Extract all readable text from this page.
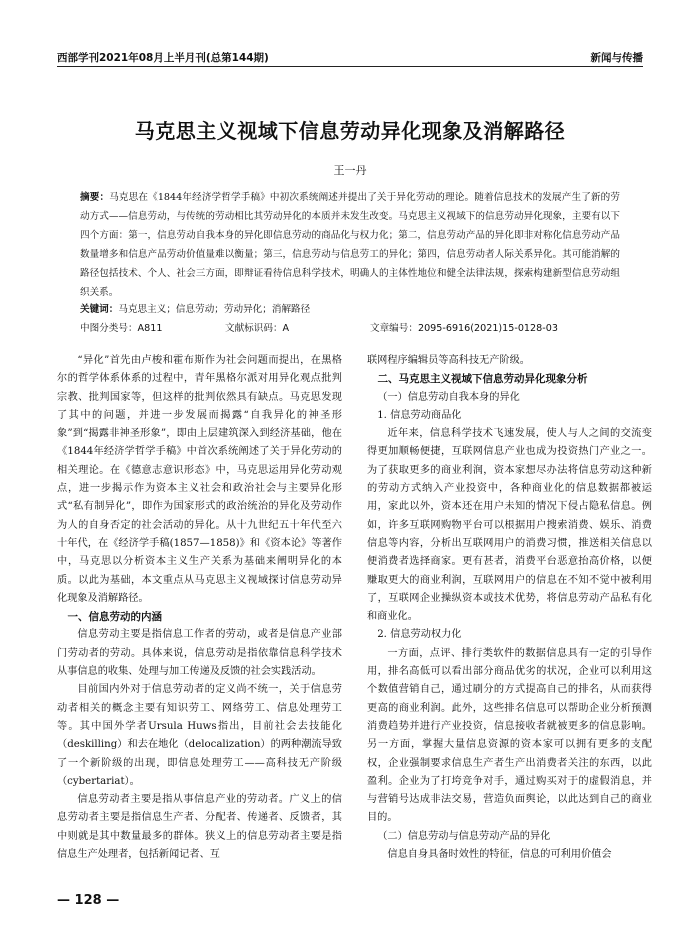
西部学刊2021年08月上半月刊(总第144期)	新闻与传播
马克思主义视域下信息劳动异化现象及消解路径
王一丹
摘要：马克思在《1844年经济学哲学手稿》中初次系统阐述并提出了关于异化劳动的理论。随着信息技术的发展产生了新的劳动方式——信息劳动，与传统的劳动相比其劳动异化的本质并未发生改变。马克思主义视域下的信息劳动异化现象，主要有以下四个方面：第一，信息劳动自我本身的异化即信息劳动的商品化与权力化；第二，信息劳动产品的异化即非对称化信息劳动产品数量增多和信息产品劳动价值量难以衡量；第三，信息劳动与信息劳工的异化；第四，信息劳动者人际关系异化。其可能消解的路径包括技术、个人、社会三方面，即辩证看待信息科学技术，明确人的主体性地位和健全法律法规，探索构建新型信息劳动组织关系。
关键词：马克思主义；信息劳动；劳动异化；消解路径
中图分类号：A811	文献标识码：A	文章编号：2095-6916(2021)15-0128-03

“异化”首先由卢梭和霍布斯作为社会问题而提出，在黑格尔的哲学体系体系的过程中，青年黑格尔派对用异化观点批判宗教、批判国家等，但这样的批判依然具有缺点。马克思发现了其中的问题，并进一步发展而揭露“自我异化的神圣形象”到“揭露非神圣形象”，即由上层建筑深入到经济基础，他在《1844年经济学哲学手稿》中首次系统阐述了关于异化劳动的相关理论。在《德意志意识形态》中，马克思运用异化劳动观点，进一步揭示作为资本主义社会和政治社会与主要异化形式“私有制异化”，即作为国家形式的政治统治的异化及劳动作为人的自身否定的社会活动的异化。从十九世纪五十年代至六十年代，在《经济学手稿(1857—1858)》和《资本论》等著作中，马克思以分析资本主义生产关系为基础来阐明异化的本质。以此为基础，本文重点从马克思主义视域探讨信息劳动异化现象及消解路径。

一、信息劳动的内涵

信息劳动主要是指信息工作者的劳动，或者是信息产业部门劳动者的劳动。具体来说，信息劳动是指依靠信息科学技术从事信息的收集、处理与加工传递及反馈的社会实践活动。

目前国内外对于信息劳动者的定义尚不统一，关于信息劳动者相关的概念主要有知识劳工、网络劳工、信息处理劳工等。其中国外学者Ursula Huws指出，目前社会去技能化（deskilling）和去在地化（delocalization）的两种潮流导致了一个新阶级的出现，即信息处理劳工——高科技无产阶级（cybertariat）。

信息劳动者主要是指从事信息产业的劳动者。广义上的信息劳动者主要是指信息生产者、分配者、传递者、反馈者，其中则就是其中数量最多的群体。狭义上的信息劳动者主要是指信息生产处理者，包括新闻记者、互

联网程序编辑员等高科技无产阶级。

二、马克思主义视域下信息劳动异化现象分析
（一）信息劳动自我本身的异化
1. 信息劳动商品化

近年来，信息科学技术飞速发展，使人与人之间的交流变得更加顺畅便捷，互联网信息产业也成为投资热门产业之一。为了获取更多的商业利润，资本家想尽办法将信息劳动这种新的劳动方式纳入产业投资中，各种商业化的信息数据都被运用，家此以外，资本还在用户未知的情况下侵占隐私信息。例如，许多互联网购物平台可以根据用户搜索消费、娱乐、消费信息等内容，分析出互联网用户的消费习惯，推送相关信息以便消费者选择商家。更有甚者，消费平台恶意抬高价格，以便赚取更大的商业利润，互联网用户的信息在不知不觉中被利用了，互联网企业操纵资本或技术优势，将信息劳动产品私有化和商业化。

2. 信息劳动权力化

一方面，点评、排行类软件的数据信息具有一定的引导作用，排名高低可以看出部分商品优劣的状况，企业可以利用这个数值营销自己，通过刷分的方式提高自己的排名，从而获得更高的商业利润。此外，这些排名信息可以帮助企业分析预测消费趋势并进行产业投资，信息接收者就被更多的信息影响。另一方面，掌握大量信息资源的资本家可以拥有更多的支配权，企业强制要求信息生产者生产出消费者关注的东西，以此盈利。企业为了打垮竞争对手，通过购买对于的虚假消息，并与营销号达成非法交易，营造负面舆论，以此达到自己的商业目的。

（二）信息劳动与信息劳动产品的异化

信息自身具备时效性的特征，信息的可利用价值会

— 128 —
